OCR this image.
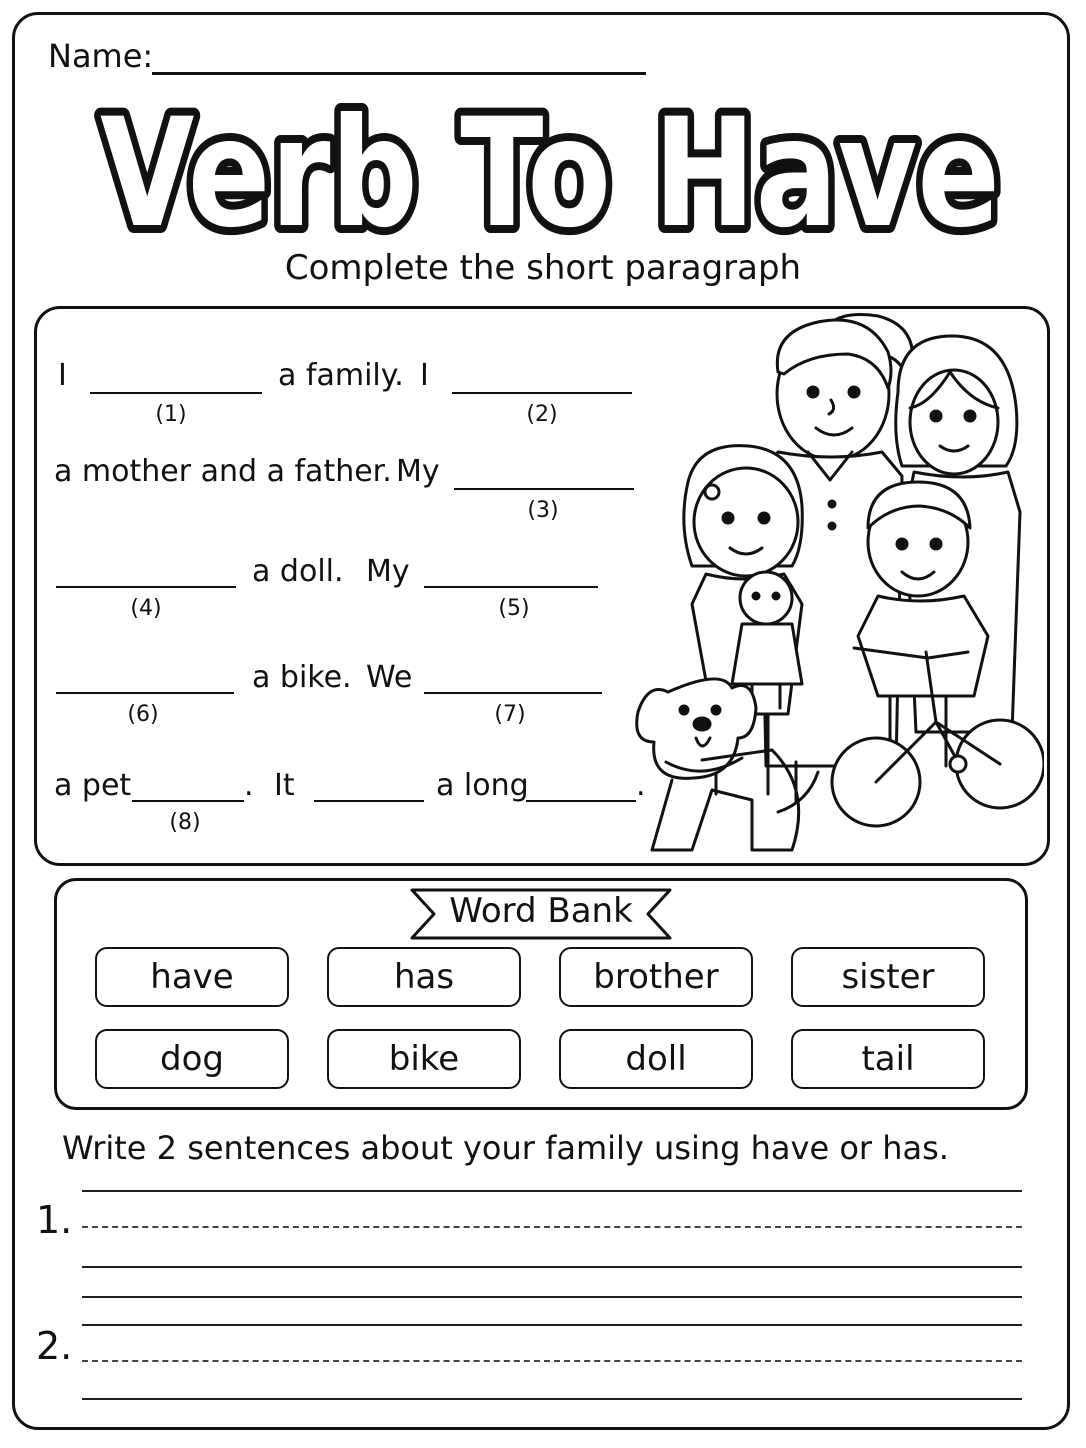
Name:
Verb To Have
Verb To Have
Complete the short paragraph
I
(1)
a family. I
(2)
a mother and a father. My
(3)
(4)
a doll. My
(5)
(6)
a bike. We
(7)
a pet
(8)
. It	a long	.
Word Bank
have	has	brother	sister
dog	bike	doll	tail
Write 2 sentences about your family using have or has.
1.
2.
